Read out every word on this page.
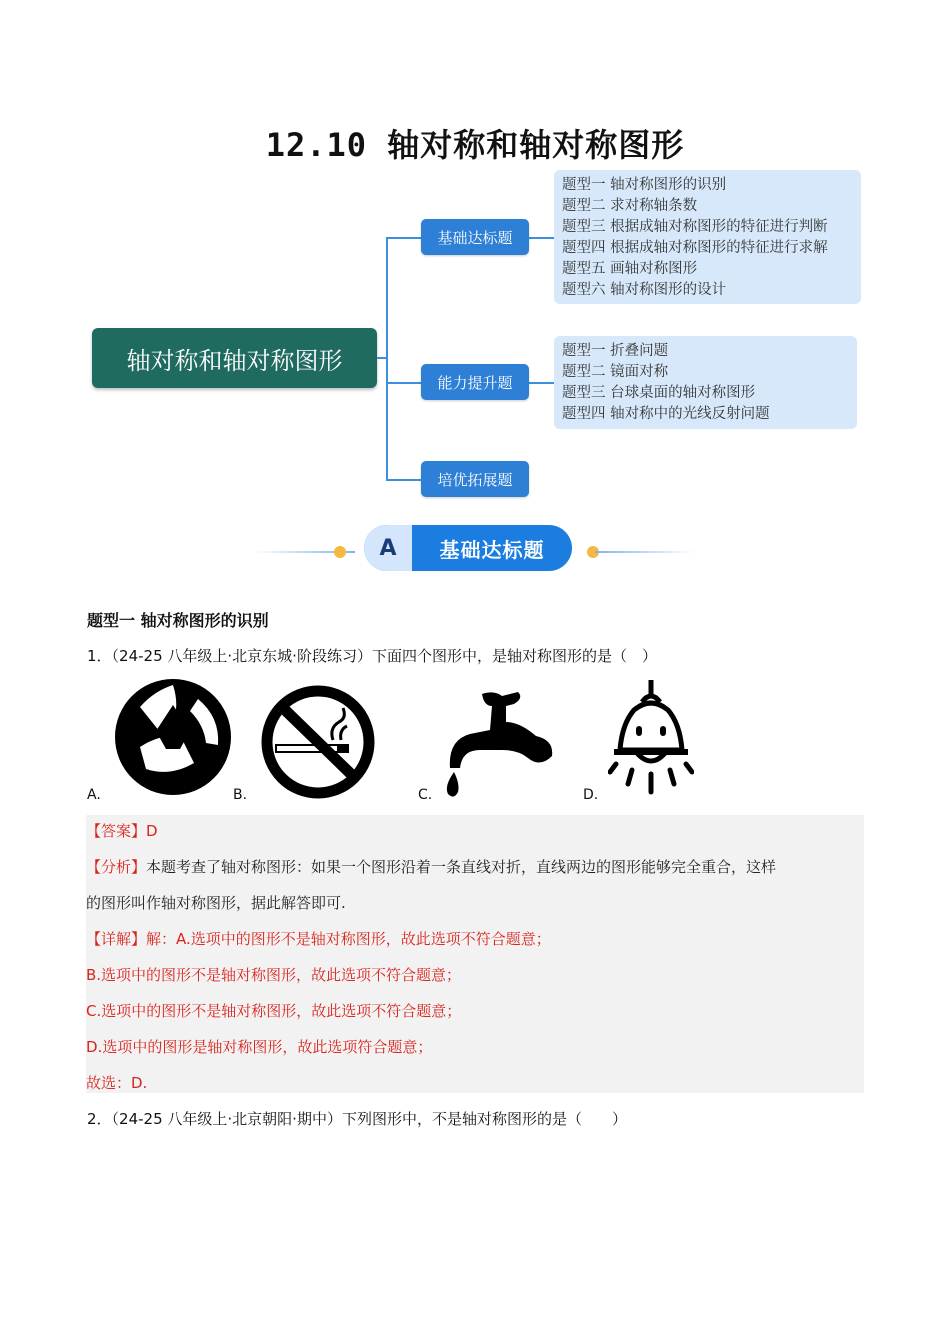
12.10 轴对称和轴对称图形
轴对称和轴对称图形
基础达标题
能力提升题
培优拓展题
题型一 轴对称图形的识别
题型二 求对称轴条数
题型三 根据成轴对称图形的特征进行判断
题型四 根据成轴对称图形的特征进行求解
题型五 画轴对称图形
题型六 轴对称图形的设计
题型一 折叠问题
题型二 镜面对称
题型三 台球桌面的轴对称图形
题型四 轴对称中的光线反射问题
A	基础达标题
题型一 轴对称图形的识别
1．（24-25 八年级上·北京东城·阶段练习）下面四个图形中，是轴对称图形的是（　）
A.	B.	C.	D.
【答案】D
【分析】本题考查了轴对称图形：如果一个图形沿着一条直线对折，直线两边的图形能够完全重合，这样
的图形叫作轴对称图形，据此解答即可.
【详解】解：A.选项中的图形不是轴对称图形，故此选项不符合题意；
B.选项中的图形不是轴对称图形，故此选项不符合题意；
C.选项中的图形不是轴对称图形，故此选项不符合题意；
D.选项中的图形是轴对称图形，故此选项符合题意；
故选：D.
2．（24-25 八年级上·北京朝阳·期中）下列图形中，不是轴对称图形的是（　　）
